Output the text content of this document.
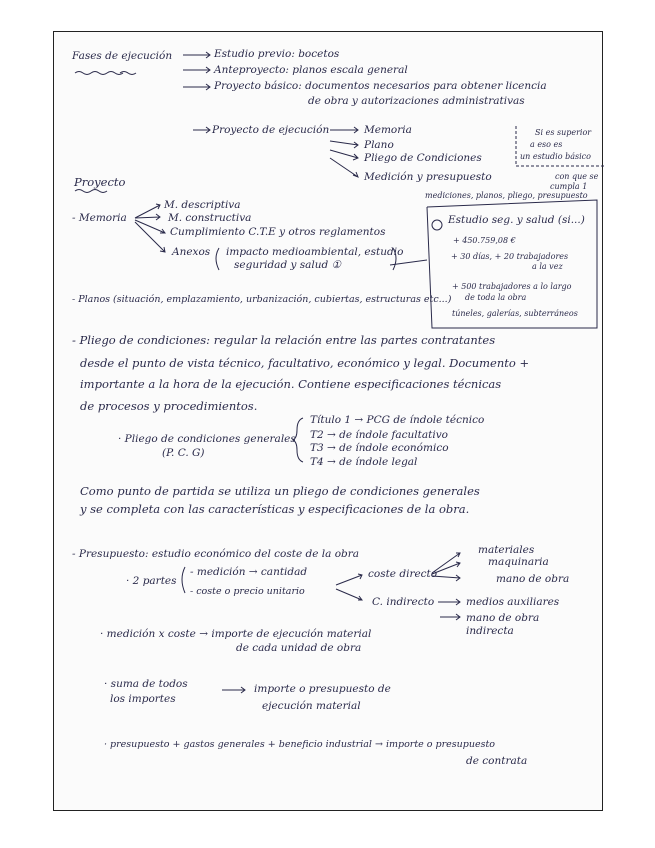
Fases de ejecución	Estudio previo: bocetos
Anteproyecto: planos escala general
Proyecto básico: documentos necesarios para obtener licencia
de obra y autorizaciones administrativas
Proyecto de ejecución	Memoria
Plano
Pliego de Condiciones
Medición y presupuesto
Si es superior
a eso es
un estudio básico
Proyecto
- Memoria
M. descriptiva
M. constructiva
Cumplimiento C.T.E y otros reglamentos
Anexos impacto medioambiental, estudio
seguridad y salud ①
con que se
cumpla 1
mediciones, planos, pliego, presupuesto
Estudio seg. y salud (si...)
+ 450.759,08 €
+ 30 días, + 20 trabajadores
a la vez
+ 500 trabajadores a lo largo
de toda la obra
túneles, galerías, subterráneos
- Planos (situación, emplazamiento, urbanización, cubiertas, estructuras etc...)
- Pliego de condiciones: regular la relación entre las partes contratantes
desde el punto de vista técnico, facultativo, económico y legal. Documento +
importante a la hora de la ejecución. Contiene especificaciones técnicas
de procesos y procedimientos.
· Pliego de condiciones generales
(P. C. G)
Título 1 → PCG de índole técnico
T2 → de índole facultativo
T3 → de índole económico
T4 → de índole legal
Como punto de partida se utiliza un pliego de condiciones generales
y se completa con las características y especificaciones de la obra.
- Presupuesto: estudio económico del coste de la obra
· 2 partes
- medición → cantidad
- coste o precio unitario
coste directo
materiales
maquinaria
mano de obra
C. indirecto	medios auxiliares
mano de obra
indirecta
· medición x coste → importe de ejecución material
de cada unidad de obra
· suma de todos
los importes
importe o presupuesto de
ejecución material
· presupuesto + gastos generales + beneficio industrial → importe o presupuesto
de contrata
